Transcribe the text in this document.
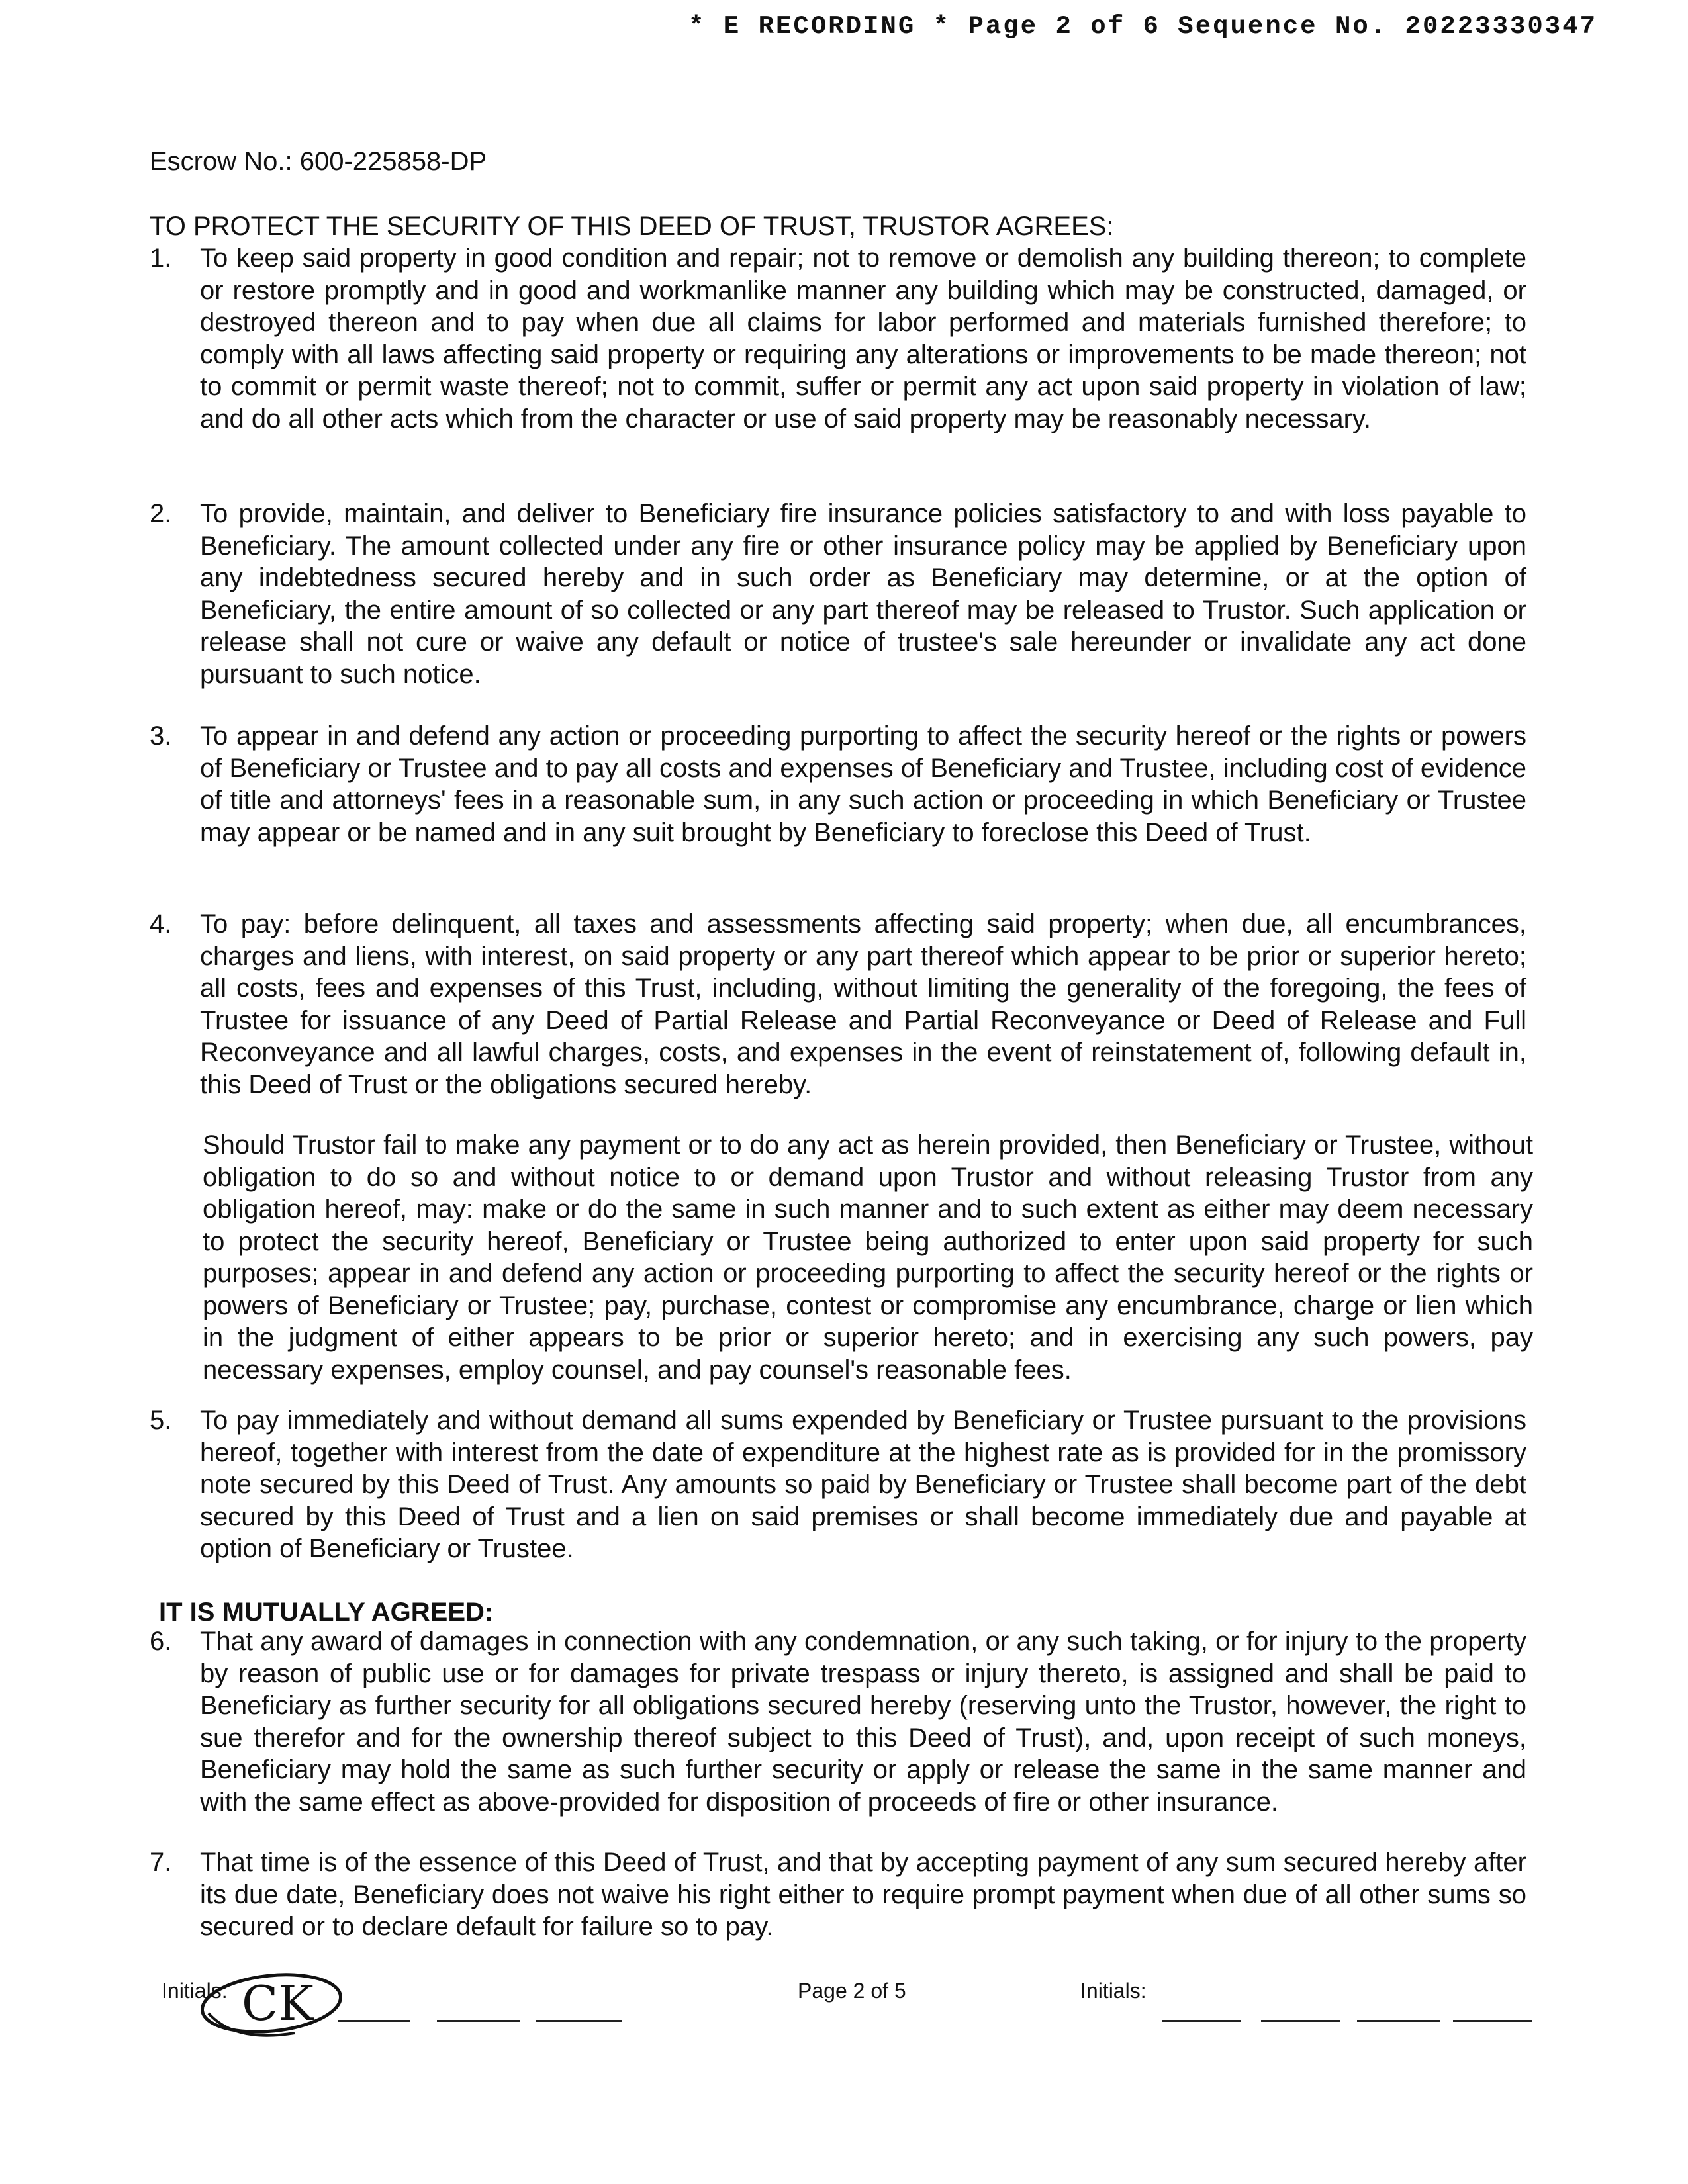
* E RECORDING * Page 2 of 6 Sequence No. 20223330347
Escrow No.: 600-225858-DP
TO PROTECT THE SECURITY OF THIS DEED OF TRUST, TRUSTOR AGREES:
1.	To keep said property in good condition and repair; not to remove or demolish any building thereon; to complete or restore promptly and in good and workmanlike manner any building which may be constructed, damaged, or destroyed thereon and to pay when due all claims for labor performed and materials furnished therefore; to comply with all laws affecting said property or requiring any alterations or improvements to be made thereon; not to commit or permit waste thereof; not to commit, suffer or permit any act upon said property in violation of law; and do all other acts which from the character or use of said property may be reasonably necessary.
2.	To provide, maintain, and deliver to Beneficiary fire insurance policies satisfactory to and with loss payable to Beneficiary. The amount collected under any fire or other insurance policy may be applied by Beneficiary upon any indebtedness secured hereby and in such order as Beneficiary may determine, or at the option of Beneficiary, the entire amount of so collected or any part thereof may be released to Trustor. Such application or release shall not cure or waive any default or notice of trustee's sale hereunder or invalidate any act done pursuant to such notice.
3.	To appear in and defend any action or proceeding purporting to affect the security hereof or the rights or powers of Beneficiary or Trustee and to pay all costs and expenses of Beneficiary and Trustee, including cost of evidence of title and attorneys' fees in a reasonable sum, in any such action or proceeding in which Beneficiary or Trustee may appear or be named and in any suit brought by Beneficiary to foreclose this Deed of Trust.
4.	To pay: before delinquent, all taxes and assessments affecting said property; when due, all encumbrances, charges and liens, with interest, on said property or any part thereof which appear to be prior or superior hereto; all costs, fees and expenses of this Trust, including, without limiting the generality of the foregoing, the fees of Trustee for issuance of any Deed of Partial Release and Partial Reconveyance or Deed of Release and Full Reconveyance and all lawful charges, costs, and expenses in the event of reinstatement of, following default in, this Deed of Trust or the obligations secured hereby.
Should Trustor fail to make any payment or to do any act as herein provided, then Beneficiary or Trustee, without obligation to do so and without notice to or demand upon Trustor and without releasing Trustor from any obligation hereof, may: make or do the same in such manner and to such extent as either may deem necessary to protect the security hereof, Beneficiary or Trustee being authorized to enter upon said property for such purposes; appear in and defend any action or proceeding purporting to affect the security hereof or the rights or powers of Beneficiary or Trustee; pay, purchase, contest or compromise any encumbrance, charge or lien which in the judgment of either appears to be prior or superior hereto; and in exercising any such powers, pay necessary expenses, employ counsel, and pay counsel's reasonable fees.
5.	To pay immediately and without demand all sums expended by Beneficiary or Trustee pursuant to the provisions hereof, together with interest from the date of expenditure at the highest rate as is provided for in the promissory note secured by this Deed of Trust. Any amounts so paid by Beneficiary or Trustee shall become part of the debt secured by this Deed of Trust and a lien on said premises or shall become immediately due and payable at option of Beneficiary or Trustee.
IT IS MUTUALLY AGREED:
6.	That any award of damages in connection with any condemnation, or any such taking, or for injury to the property by reason of public use or for damages for private trespass or injury thereto, is assigned and shall be paid to Beneficiary as further security for all obligations secured hereby (reserving unto the Trustor, however, the right to sue therefor and for the ownership thereof subject to this Deed of Trust), and, upon receipt of such moneys, Beneficiary may hold the same as such further security or apply or release the same in the same manner and with the same effect as above-provided for disposition of proceeds of fire or other insurance.
7.	That time is of the essence of this Deed of Trust, and that by accepting payment of any sum secured hereby after its due date, Beneficiary does not waive his right either to require prompt payment when due of all other sums so secured or to declare default for failure so to pay.
Initials: CK	Page 2 of 5	Initials:
